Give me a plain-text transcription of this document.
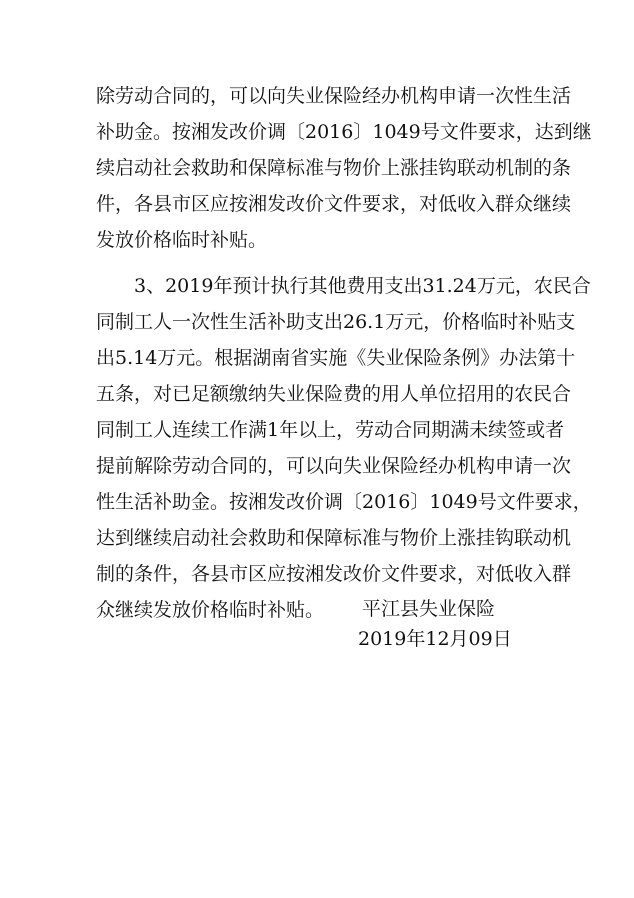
除劳动合同的，可以向失业保险经办机构申请一次性生活
补助金。按湘发改价调〔2016〕1049号文件要求，达到继
续启动社会救助和保障标准与物价上涨挂钩联动机制的条
件，各县市区应按湘发改价文件要求，对低收入群众继续
发放价格临时补贴。
　　3、2019年预计执行其他费用支出31.24万元，农民合
同制工人一次性生活补助支出26.1万元，价格临时补贴支
出5.14万元。根据湖南省实施《失业保险条例》办法第十
五条，对已足额缴纳失业保险费的用人单位招用的农民合
同制工人连续工作满1年以上，劳动合同期满未续签或者
提前解除劳动合同的，可以向失业保险经办机构申请一次
性生活补助金。按湘发改价调〔2016〕1049号文件要求，
达到继续启动社会救助和保障标准与物价上涨挂钩联动机
制的条件，各县市区应按湘发改价文件要求，对低收入群
众继续发放价格临时补贴。	平江县失业保险
2019年12月09日
